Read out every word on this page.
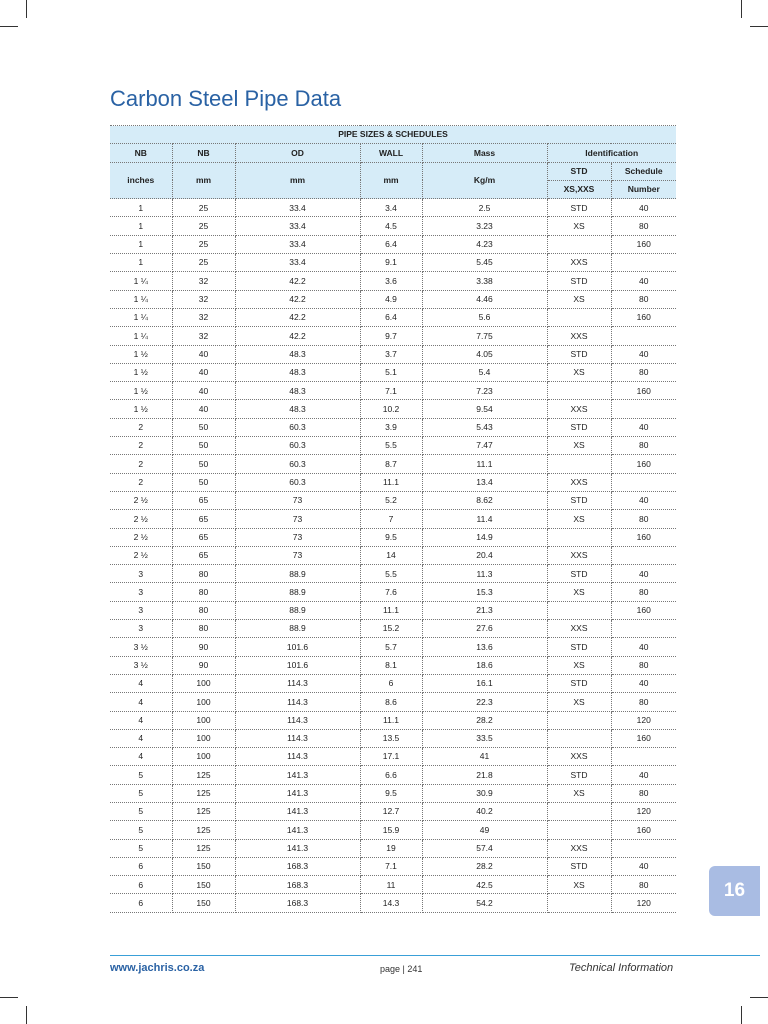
Carbon Steel Pipe Data
PIPE SIZES & SCHEDULES						
NB	NB	OD	WALL	Mass	Identification	
inches	mm	mm	mm	Kg/m	STD	Schedule
					XS,XXS	Number
1	25	33.4	3.4	2.5	STD	40
1	25	33.4	4.5	3.23	XS	80
1	25	33.4	6.4	4.23		160
1	25	33.4	9.1	5.45	XXS	
1 ¼	32	42.2	3.6	3.38	STD	40
1 ¼	32	42.2	4.9	4.46	XS	80
1 ¼	32	42.2	6.4	5.6		160
1 ¼	32	42.2	9.7	7.75	XXS	
1 ½	40	48.3	3.7	4.05	STD	40
1 ½	40	48.3	5.1	5.4	XS	80
1 ½	40	48.3	7.1	7.23		160
1 ½	40	48.3	10.2	9.54	XXS	
2	50	60.3	3.9	5.43	STD	40
2	50	60.3	5.5	7.47	XS	80
2	50	60.3	8.7	11.1		160
2	50	60.3	11.1	13.4	XXS	
2 ½	65	73	5.2	8.62	STD	40
2 ½	65	73	7	11.4	XS	80
2 ½	65	73	9.5	14.9		160
2 ½	65	73	14	20.4	XXS	
3	80	88.9	5.5	11.3	STD	40
3	80	88.9	7.6	15.3	XS	80
3	80	88.9	11.1	21.3		160
3	80	88.9	15.2	27.6	XXS	
3 ½	90	101.6	5.7	13.6	STD	40
3 ½	90	101.6	8.1	18.6	XS	80
4	100	114.3	6	16.1	STD	40
4	100	114.3	8.6	22.3	XS	80
4	100	114.3	11.1	28.2		120
4	100	114.3	13.5	33.5		160
4	100	114.3	17.1	41	XXS	
5	125	141.3	6.6	21.8	STD	40
5	125	141.3	9.5	30.9	XS	80
5	125	141.3	12.7	40.2		120
5	125	141.3	15.9	49		160
5	125	141.3	19	57.4	XXS	
6	150	168.3	7.1	28.2	STD	40
6	150	168.3	11	42.5	XS	80
6	150	168.3	14.3	54.2		120
16
www.jachris.co.za	page | 241	Technical Information
